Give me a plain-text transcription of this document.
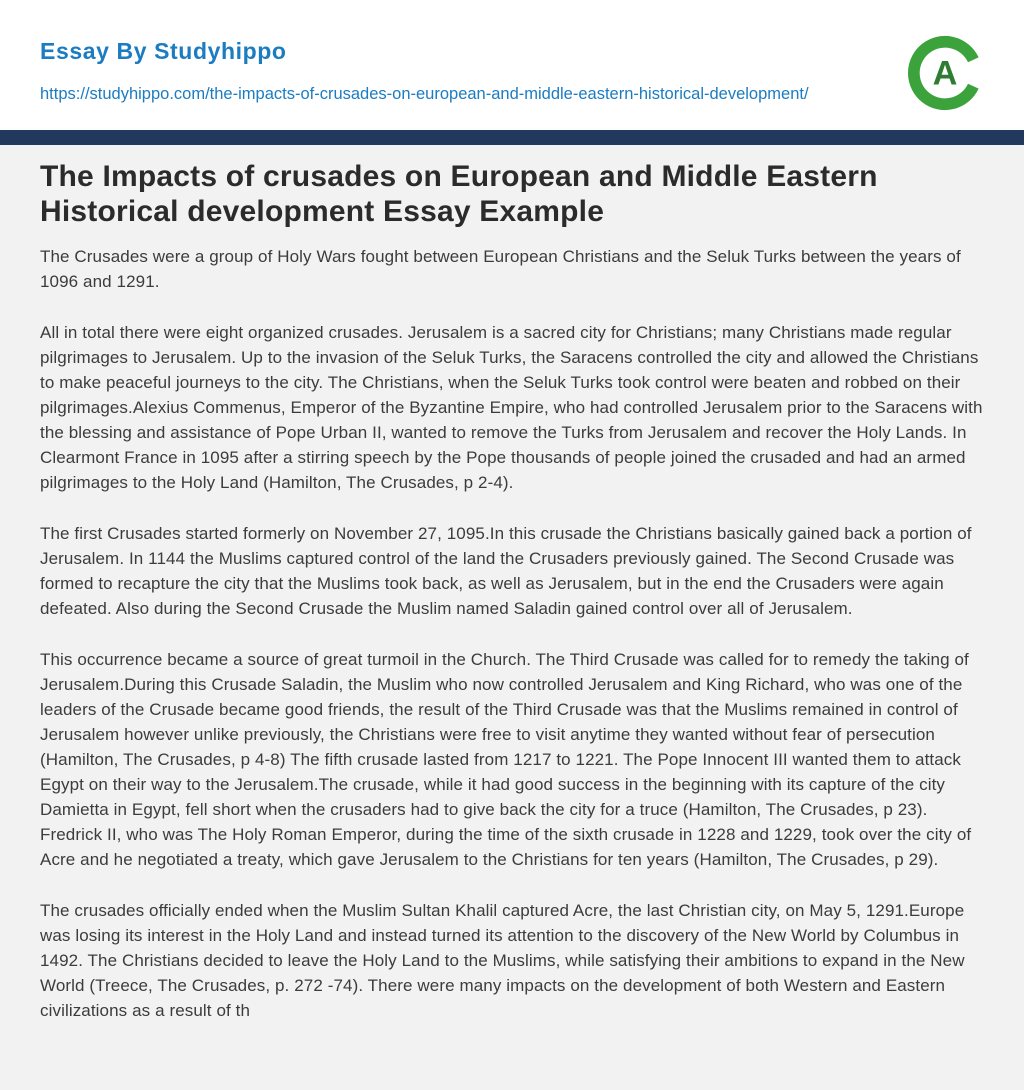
Essay By Studyhippo
https://studyhippo.com/the-impacts-of-crusades-on-european-and-middle-eastern-historical-development/
A
The Impacts of crusades on European and Middle Eastern Historical development Essay Example

The Crusades were a group of Holy Wars fought between European Christians and the Seluk Turks between the years of 1096 and 1291.

All in total there were eight organized crusades. Jerusalem is a sacred city for Christians; many Christians made regular pilgrimages to Jerusalem. Up to the invasion of the Seluk Turks, the Saracens controlled the city and allowed the Christians to make peaceful journeys to the city. The Christians, when the Seluk Turks took control were beaten and robbed on their pilgrimages.Alexius Commenus, Emperor of the Byzantine Empire, who had controlled Jerusalem prior to the Saracens with the blessing and assistance of Pope Urban II, wanted to remove the Turks from Jerusalem and recover the Holy Lands. In Clearmont France in 1095 after a stirring speech by the Pope thousands of people joined the crusaded and had an armed pilgrimages to the Holy Land (Hamilton, The Crusades, p 2-4).

The first Crusades started formerly on November 27, 1095.In this crusade the Christians basically gained back a portion of Jerusalem. In 1144 the Muslims captured control of the land the Crusaders previously gained. The Second Crusade was formed to recapture the city that the Muslims took back, as well as Jerusalem, but in the end the Crusaders were again defeated. Also during the Second Crusade the Muslim named Saladin gained control over all of Jerusalem.

This occurrence became a source of great turmoil in the Church. The Third Crusade was called for to remedy the taking of Jerusalem.During this Crusade Saladin, the Muslim who now controlled Jerusalem and King Richard, who was one of the leaders of the Crusade became good friends, the result of the Third Crusade was that the Muslims remained in control of Jerusalem however unlike previously, the Christians were free to visit anytime they wanted without fear of persecution (Hamilton, The Crusades, p 4-8) The fifth crusade lasted from 1217 to 1221. The Pope Innocent III wanted them to attack Egypt on their way to the Jerusalem.The crusade, while it had good success in the beginning with its capture of the city Damietta in Egypt, fell short when the crusaders had to give back the city for a truce (Hamilton, The Crusades, p 23). Fredrick II, who was The Holy Roman Emperor, during the time of the sixth crusade in 1228 and 1229, took over the city of Acre and he negotiated a treaty, which gave Jerusalem to the Christians for ten years (Hamilton, The Crusades, p 29).

The crusades officially ended when the Muslim Sultan Khalil captured Acre, the last Christian city, on May 5, 1291.Europe was losing its interest in the Holy Land and instead turned its attention to the discovery of the New World by Columbus in 1492. The Christians decided to leave the Holy Land to the Muslims, while satisfying their ambitions to expand in the New World (Treece, The Crusades, p. 272 -74). There were many impacts on the development of both Western and Eastern civilizations as a result of th
